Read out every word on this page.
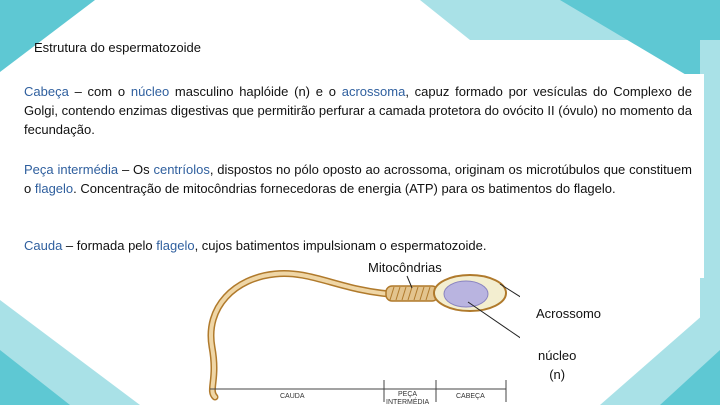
Estrutura do espermatozoide

Cabeça – com o núcleo masculino haplóide (n) e o acrossoma, capuz formado por vesículas do Complexo de Golgi, contendo enzimas digestivas que permitirão perfurar a camada protetora do ovócito II (óvulo) no momento da fecundação.

Peça intermédia – Os centríolos, dispostos no pólo oposto ao acrossoma, originam os microtúbulos que constituem o flagelo. Concentração de mitocôndrias fornecedoras de energia (ATP) para os batimentos do flagelo.

Cauda – formada pelo flagelo, cujos batimentos impulsionam o espermatozoide.

CAUDA	PEÇA
INTERMÉDIA
CABEÇA
Mitocôndrias
Acrossomo
núcleo
(n)
